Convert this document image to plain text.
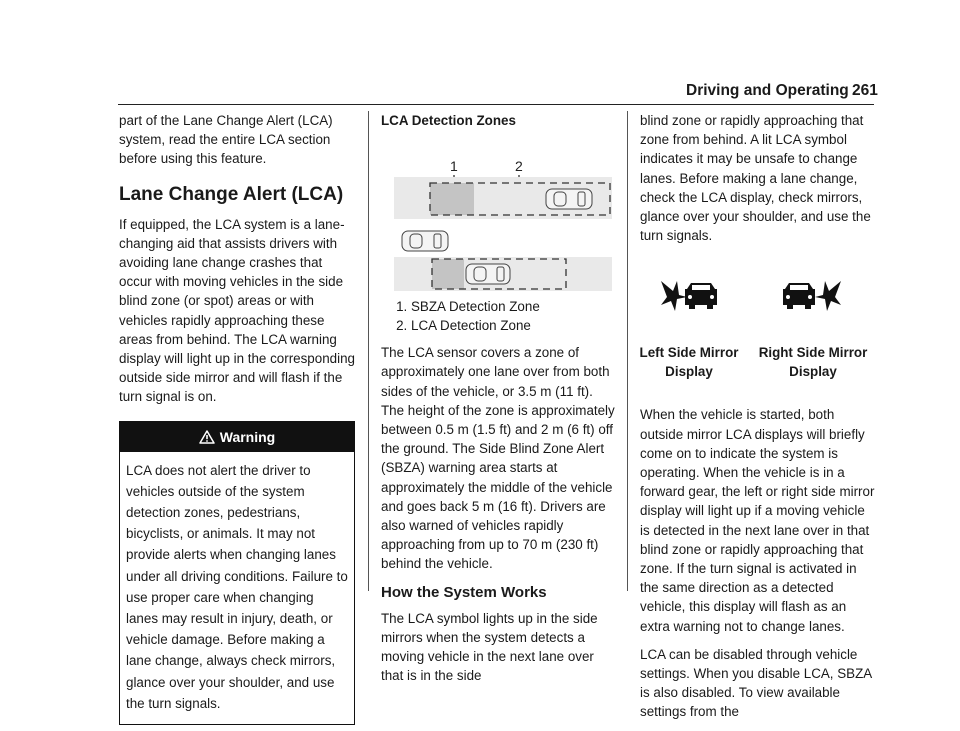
Driving and Operating 261

part of the Lane Change Alert (LCA) system, read the entire LCA section before using this feature.

Lane Change Alert (LCA)

If equipped, the LCA system is a lane-changing aid that assists drivers with avoiding lane change crashes that occur with moving vehicles in the side blind zone (or spot) areas or with vehicles rapidly approaching these areas from behind. The LCA warning display will light up in the corresponding outside side mirror and will flash if the turn signal is on.

Warning
LCA does not alert the driver to vehicles outside of the system detection zones, pedestrians, bicyclists, or animals. It may not provide alerts when changing lanes under all driving conditions. Failure to use proper care when changing lanes may result in injury, death, or vehicle damage. Before making a lane change, always check mirrors, glance over your shoulder, and use the turn signals.

LCA Detection Zones

1	2
1. SBZA Detection Zone
2. LCA Detection Zone

The LCA sensor covers a zone of approximately one lane over from both sides of the vehicle, or 3.5 m (11 ft). The height of the zone is approximately between 0.5 m (1.5 ft) and 2 m (6 ft) off the ground. The Side Blind Zone Alert (SBZA) warning area starts at approximately the middle of the vehicle and goes back 5 m (16 ft). Drivers are also warned of vehicles rapidly approaching from up to 70 m (230 ft) behind the vehicle.

How the System Works

The LCA symbol lights up in the side mirrors when the system detects a moving vehicle in the next lane over that is in the side

blind zone or rapidly approaching that zone from behind. A lit LCA symbol indicates it may be unsafe to change lanes. Before making a lane change, check the LCA display, check mirrors, glance over your shoulder, and use the turn signals.

Left Side Mirror Display
Right Side Mirror Display

When the vehicle is started, both outside mirror LCA displays will briefly come on to indicate the system is operating. When the vehicle is in a forward gear, the left or right side mirror display will light up if a moving vehicle is detected in the next lane over in that blind zone or rapidly approaching that zone. If the turn signal is activated in the same direction as a detected vehicle, this display will flash as an extra warning not to change lanes.

LCA can be disabled through vehicle settings. When you disable LCA, SBZA is also disabled. To view available settings from the
